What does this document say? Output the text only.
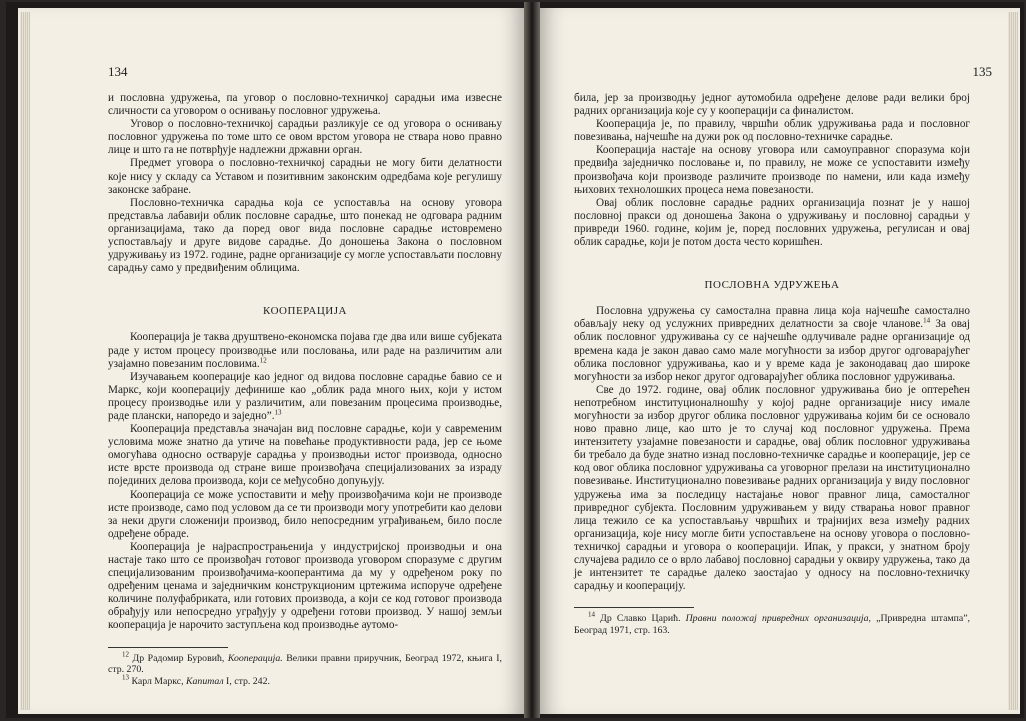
134

и пословна удружења, па уговор о пословно-техничкој сарадњи има извесне сличности са уговором о оснивању пословног удружења.

Уговор о пословно-техничкој сарадњи разликује се од уговора о оснивању пословног удружења по томе што се овом врстом уговора не ствара ново правно лице и што га не потврђује надлежни државни орган.

Предмет уговора о пословно-техничкој сарадњи не могу бити делатности које нису у складу са Уставом и позитивним законским одредбама које регулишу законске забране.

Пословно-техничка сарадња која се успоставља на основу уговора представља лабавији облик пословне сарадње, што понекад не одговара радним организацијама, тако да поред овог вида пословне сарадње истовремено успостављају и друге видове сарадње. До доношења Закона о пословном удруживању из 1972. године, радне организације су могле успостављати пословну сарадњу само у предвиђеним облицима.

КООПЕРАЦИЈА

Кооперација је таква друштвено-економска појава где два или више субјеката раде у истом процесу производње или пословања, или раде на различитим али узајамно повезаним пословима.$^{12}$

Изучавањем кооперације као једног од видова пословне сарадње бавио се и Маркс, који кооперацију дефинише као „облик рада много њих, који у истом процесу производње или у различитим, али повезаним процесима производње, раде плански, напоредо и заједно”.$^{13}$

Кооперација представља значајан вид пословне сарадње, који у савременим условима може знатно да утиче на повећање продуктивности рада, јер се њоме омогућава односно остварује сарадња у производњи истог производа, односно исте врсте производа од стране више произвођача специјализованих за израду појединих делова производа, који се међусобно допуњују.

Кооперација се може успоставити и међу произвођачима који не производе исте производе, само под условом да се ти производи могу употребити као делови за неки други сложенији производ, било непосредним уграђивањем, било после одређене обраде.

Кооперација је најраспрострањенија у индустријској производњи и она настаје тако што се произвођач готовог производа уговором споразуме с другим специјализованим произвођачима-кооперантима да му у одређеном року по одређеним ценама и заједничким конструкционим цртежима испоруче одређене количине полуфабриката, или готових производа, а који се код готовог производа обрађују или непосредно уграђују у одређени готови производ. У нашој земљи кооперација је нарочито заступљена код производње аутомо-

$^{12}$ Др Радомир Буровић, Кооперација. Велики правни приручник, Београд 1972, књига I, стр. 270.

$^{13}$ Карл Маркс, Капитал I, стр. 242.

135

била, јер за производњу једног аутомобила одређене делове ради велики број радних организација које су у кооперацији са финалистом.

Кооперација је, по правилу, чвршћи облик удруживања рада и пословног повезивања, најчешће на дужи рок од пословно-техничке сарадње.

Кооперација настаје на основу уговора или самоуправног споразума који предвиђа заједничко пословање и, по правилу, не може се успоставити између произвођача који производе различите производе по намени, или када између њихових технолошких процеса нема повезаности.

Овај облик пословне сарадње радних организација познат је у нашој пословној пракси од доношења Закона о удруживању и пословној сарадњи у привреди 1960. године, којим је, поред пословних удружења, регулисан и овај облик сарадње, који је потом доста често коришћен.

ПОСЛОВНА УДРУЖЕЊА

Пословна удружења су самостална правна лица која најчешће самостално обављају неку од услужних привредних делатности за своје чланове.$^{14}$ За овај облик пословног удруживања су се најчешће одлучивале радне организације од времена када је закон давао само мале могућности за избор другог одговарајућег облика пословног удруживања, као и у време када је законодавац дао широке могућности за избор неког другог одговарајућег облика пословног удруживања.

Све до 1972. године, овај облик пословног удруживања био је оптерећен непотребном институционалношћу у којој радне организације нису имале могућности за избор другог облика пословног удруживања којим би се основало ново правно лице, као што је то случај код пословног удружења. Према интензитету узајамне повезаности и сарадње, овај облик пословног удруживања би требало да буде знатно изнад пословно-техничке сарадње и кооперације, јер се код овог облика пословног удруживања са уговорног прелази на институционално повезивање. Институционално повезивање радних организација у виду пословног удружења има за последицу настајање новог правног лица, самосталног привредног субјекта. Пословним удруживањем у виду стварања новог правног лица тежило се ка успостављању чвршћих и трајнијих веза између радних организација, које нису могле бити успостављене на основу уговора о пословно-техничкој сарадњи и уговора о кооперацији. Ипак, у пракси, у знатном броју случајева радило се о врло лабавој пословној сарадњи у оквиру удружења, тако да је интензитет те сарадње далеко заостајао у односу на пословно-техничку сарадњу и кооперацију.

$^{14}$ Др Славко Царић. Правни положај привредних организација, „Привредна штампа”, Београд 1971, стр. 163.
